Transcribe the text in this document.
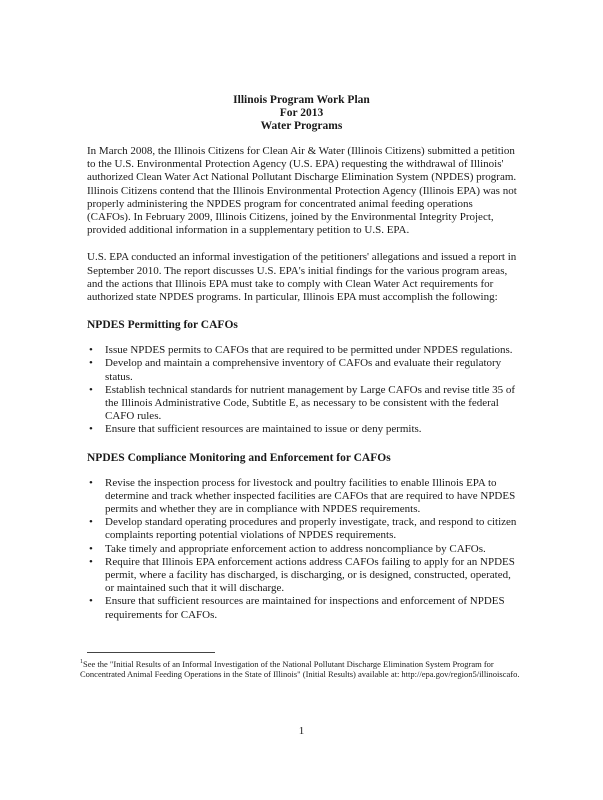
Illinois Program Work Plan
For 2013
Water Programs

In March 2008, the Illinois Citizens for Clean Air & Water (Illinois Citizens) submitted a petition to the U.S. Environmental Protection Agency (U.S. EPA) requesting the withdrawal of Illinois' authorized Clean Water Act National Pollutant Discharge Elimination System (NPDES) program. Illinois Citizens contend that the Illinois Environmental Protection Agency (Illinois EPA) was not properly administering the NPDES program for concentrated animal feeding operations (CAFOs). In February 2009, Illinois Citizens, joined by the Environmental Integrity Project, provided additional information in a supplementary petition to U.S. EPA.

U.S. EPA conducted an informal investigation of the petitioners' allegations and issued a report in September 2010. The report discusses U.S. EPA's initial findings for the various program areas, and the actions that Illinois EPA must take to comply with Clean Water Act requirements for authorized state NPDES programs. In particular, Illinois EPA must accomplish the following:

NPDES Permitting for CAFOs
• Issue NPDES permits to CAFOs that are required to be permitted under NPDES regulations.
• Develop and maintain a comprehensive inventory of CAFOs and evaluate their regulatory status.
• Establish technical standards for nutrient management by Large CAFOs and revise title 35 of the Illinois Administrative Code, Subtitle E, as necessary to be consistent with the federal CAFO rules.
• Ensure that sufficient resources are maintained to issue or deny permits.
NPDES Compliance Monitoring and Enforcement for CAFOs
• Revise the inspection process for livestock and poultry facilities to enable Illinois EPA to determine and track whether inspected facilities are CAFOs that are required to have NPDES permits and whether they are in compliance with NPDES requirements.
• Develop standard operating procedures and properly investigate, track, and respond to citizen complaints reporting potential violations of NPDES requirements.
• Take timely and appropriate enforcement action to address noncompliance by CAFOs.
• Require that Illinois EPA enforcement actions address CAFOs failing to apply for an NPDES permit, where a facility has discharged, is discharging, or is designed, constructed, operated, or maintained such that it will discharge.
• Ensure that sufficient resources are maintained for inspections and enforcement of NPDES requirements for CAFOs.
$^1$See the "Initial Results of an Informal Investigation of the National Pollutant Discharge Elimination System Program for Concentrated Animal Feeding Operations in the State of Illinois" (Initial Results) available at: http://epa.gov/region5/illinoiscafo.
1
